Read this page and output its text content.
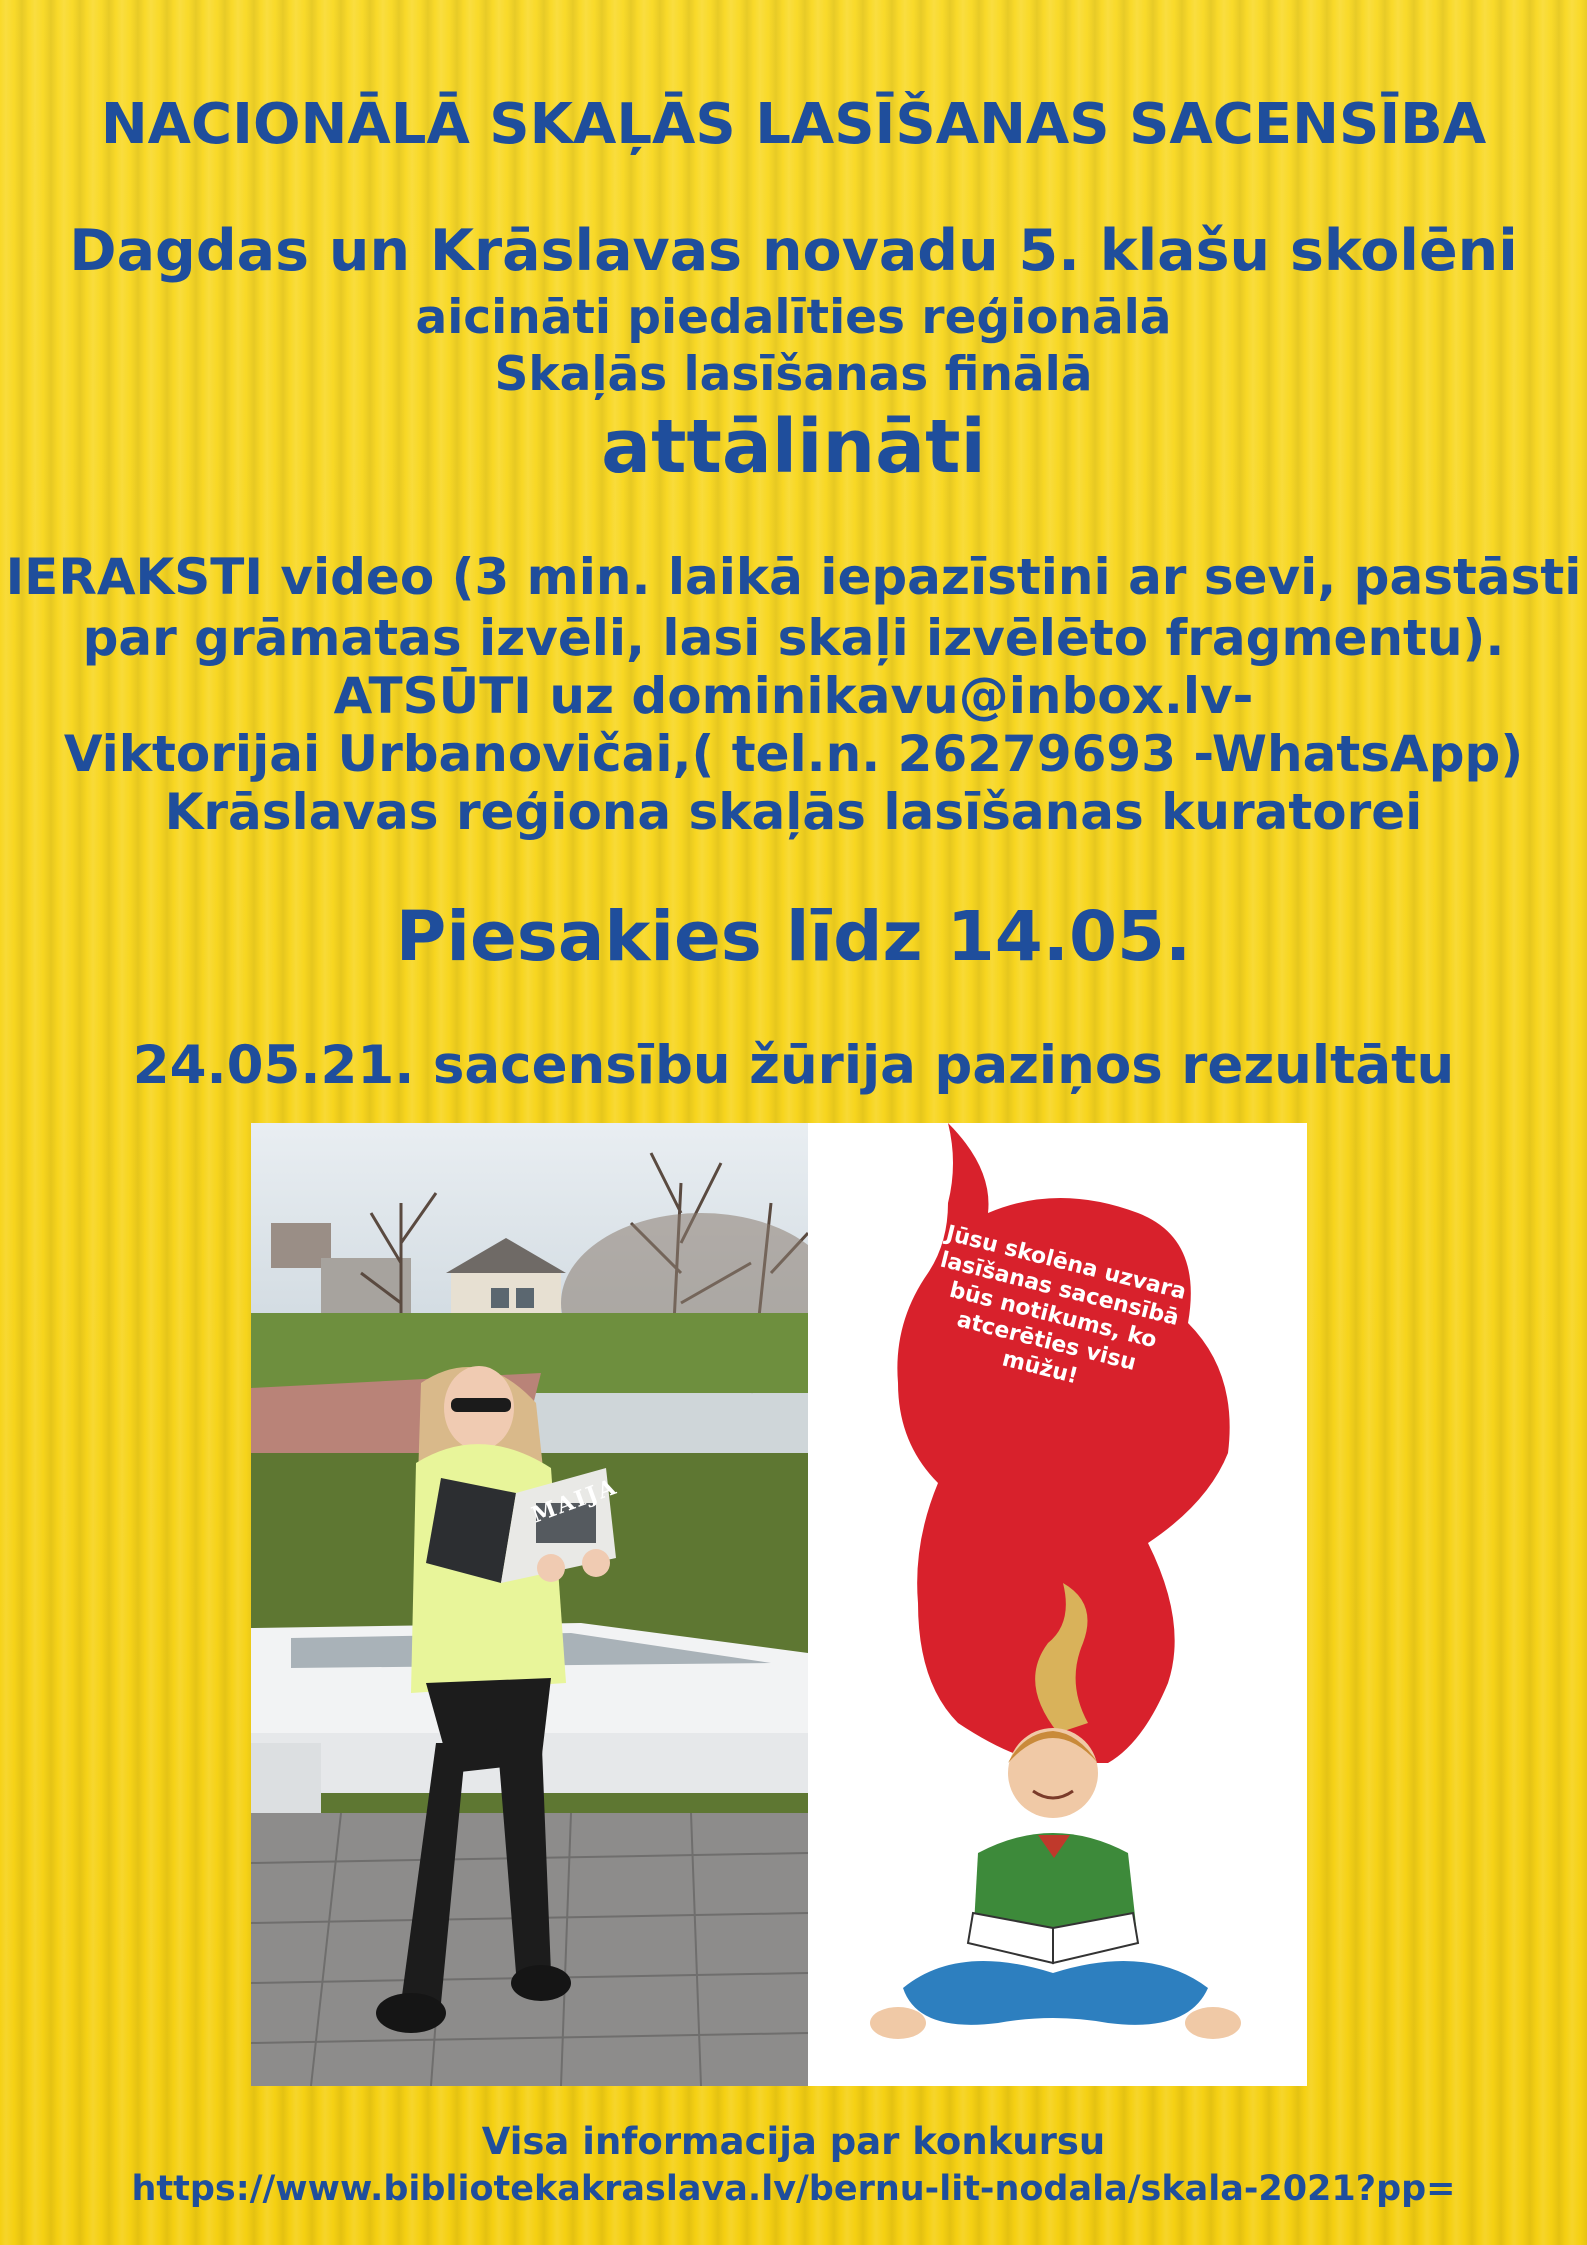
NACIONĀLĀ SKAĻĀS LASĪŠANAS SACENSĪBA

Dagdas un Krāslavas novadu 5. klašu skolēni

aicināti piedalīties reģionālā

Skaļās lasīšanas finālā

attālināti

IERAKSTI video (3 min. laikā iepazīstini ar sevi, pastāsti

par grāmatas izvēli, lasi skaļi izvēlēto fragmentu).

ATSŪTI uz dominikavu@inbox.lv-

Viktorijai Urbanovičai,( tel.n. 26279693 -WhatsApp)

Krāslavas reģiona skaļās lasīšanas kuratorei

Piesakies līdz 14.05.

24.05.21. sacensību žūrija paziņos rezultātu

MAIJA
Jūsu skolēna uzvara lasīšanas sacensībā būs notikums, ko atcerēties visu mūžu!

Visa informacija par konkursu

https://www.bibliotekakraslava.lv/bernu-lit-nodala/skala-2021?pp=
